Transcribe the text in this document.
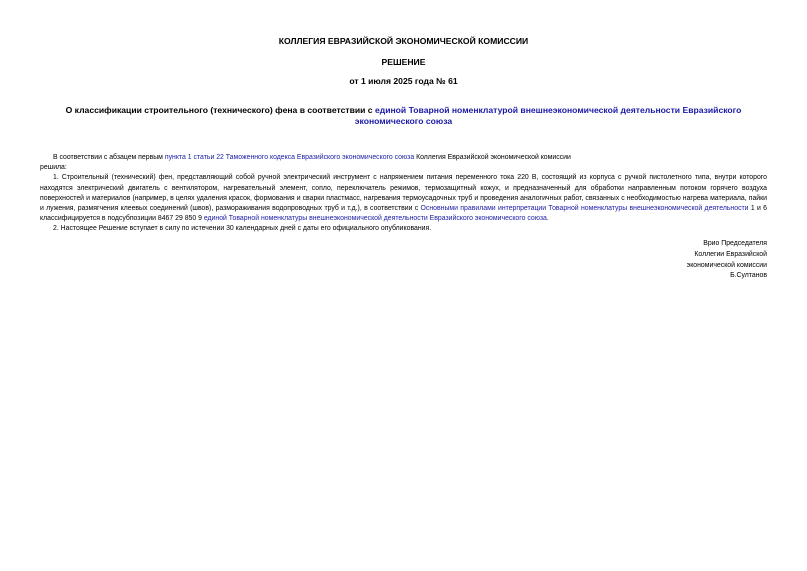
КОЛЛЕГИЯ ЕВРАЗИЙСКОЙ ЭКОНОМИЧЕСКОЙ КОМИССИИ
РЕШЕНИЕ
от 1 июля 2025 года № 61
О классификации строительного (технического) фена в соответствии с единой Товарной номенклатурой внешнеэкономической деятельности Евразийского экономического союза

В соответствии с абзацем первым пункта 1 статьи 22 Таможенного кодекса Евразийского экономического союза Коллегия Евразийской экономической комиссии

решила:

1. Строительный (технический) фен, представляющий собой ручной электрический инструмент с напряжением питания переменного тока 220 В, состоящий из корпуса с ручкой пистолетного типа, внутри которого находятся электрический двигатель с вентилятором, нагревательный элемент, сопло, переключатель режимов, термозащитный кожух, и предназначенный для обработки направленным потоком горячего воздуха поверхностей и материалов (например, в целях удаления красок, формования и сварки пластмасс, нагревания термоусадочных труб и проведения аналогичных работ, связанных с необходимостью нагрева материала, пайки и лужения, размягчения клеевых соединений (швов), размораживания водопроводных труб и т.д.), в соответствии с Основными правилами интерпретации Товарной номенклатуры внешнеэкономической деятельности 1 и 6 классифицируется в подсубпозиции 8467 29 850 9 единой Товарной номенклатуры внешнеэкономической деятельности Евразийского экономического союза.

2. Настоящее Решение вступает в силу по истечении 30 календарных дней с даты его официального опубликования.

Врио Председателя
Коллегии Евразийской
экономической комиссии
Б.Султанов
